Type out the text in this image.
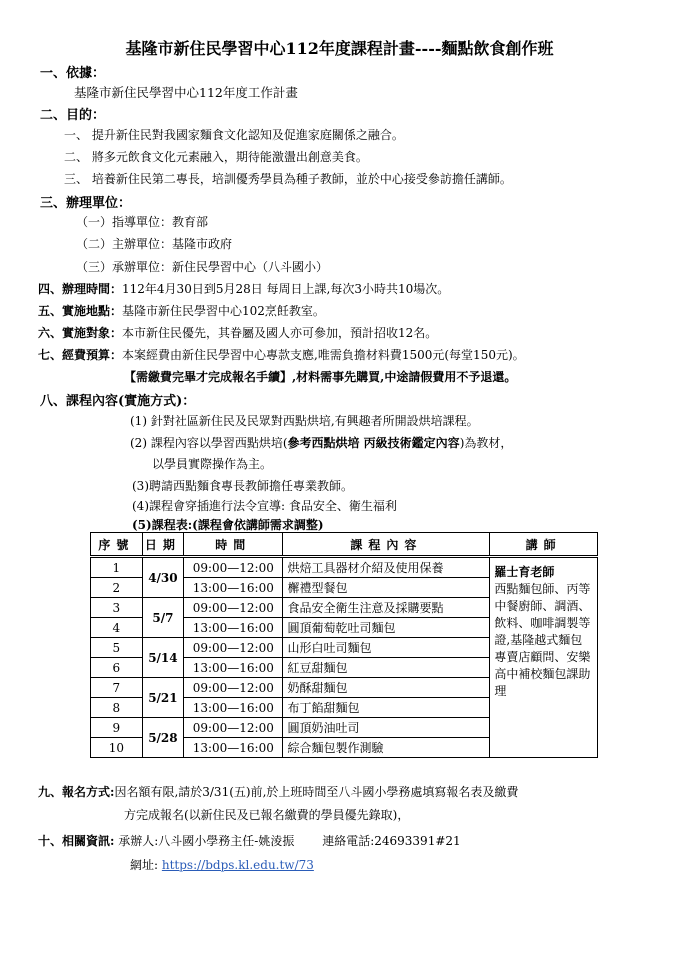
基隆市新住民學習中心112年度課程計畫----麵點飲食創作班
一、依據：
基隆市新住民學習中心112年度工作計畫
二、目的：
一、 提升新住民對我國家麵食文化認知及促進家庭關係之融合。
二、 將多元飲食文化元素融入，期待能激盪出創意美食。
三、 培養新住民第二專長，培訓優秀學員為種子教師，並於中心接受參訪擔任講師。
三、辦理單位：
（一）指導單位：教育部
（二）主辦單位：基隆市政府
（三）承辦單位：新住民學習中心（八斗國小）
四、辦理時間：112年4月30日到5月28日 每周日上課,每次3小時共10場次。
五、實施地點：基隆市新住民學習中心102烹飪教室。
六、實施對象：本市新住民優先，其眷屬及國人亦可參加，預計招收12名。
七、經費預算：本案經費由新住民學習中心專款支應,唯需負擔材料費1500元(每堂150元)。
【需繳費完畢才完成報名手續】,材料需事先購買,中途請假費用不予退還。
八、課程內容(實施方式)：
(1) 針對社區新住民及民眾對西點烘培,有興趣者所開設烘培課程。
(2) 課程內容以學習西點烘培(參考西點烘培 丙級技術鑑定內容)為教材，
以學員實際操作為主。
(3)聘請西點麵食專長教師擔任專業教師。
(4)課程會穿插進行法令宣導: 食品安全、衛生福利
(5)課程表:(課程會依講師需求調整)
序號	日期	時間	課程內容	講師
1	4/30	09:00—12:00	烘焙工具器材介紹及使用保養	羅士育老師
西點麵包師、丙等中餐廚師、調酒、飲料、咖啡調製等證,基隆越式麵包專賣店顧問、安樂高中補校麵包課助理

2		13:00—16:00	檞禮型餐包	
3	5/7	09:00—12:00	食品安全衛生注意及採購要點	
4		13:00—16:00	圓頂葡萄乾吐司麵包	
5	5/14	09:00—12:00	山形白吐司麵包	
6		13:00—16:00	紅豆甜麵包	
7	5/21	09:00—12:00	奶酥甜麵包	
8		13:00—16:00	布丁餡甜麵包	
9	5/28	09:00—12:00	圓頂奶油吐司	
10		13:00—16:00	綜合麵包製作測驗	
九、報名方式:因名額有限,請於3/31(五)前,於上班時間至八斗國小學務處填寫報名表及繳費
方完成報名(以新住民及已報名繳費的學員優先錄取)，
十、相關資訊: 承辦人:八斗國小學務主任-姚淩振 連絡電話:24693391#21
網址: https://bdps.kl.edu.tw/73
